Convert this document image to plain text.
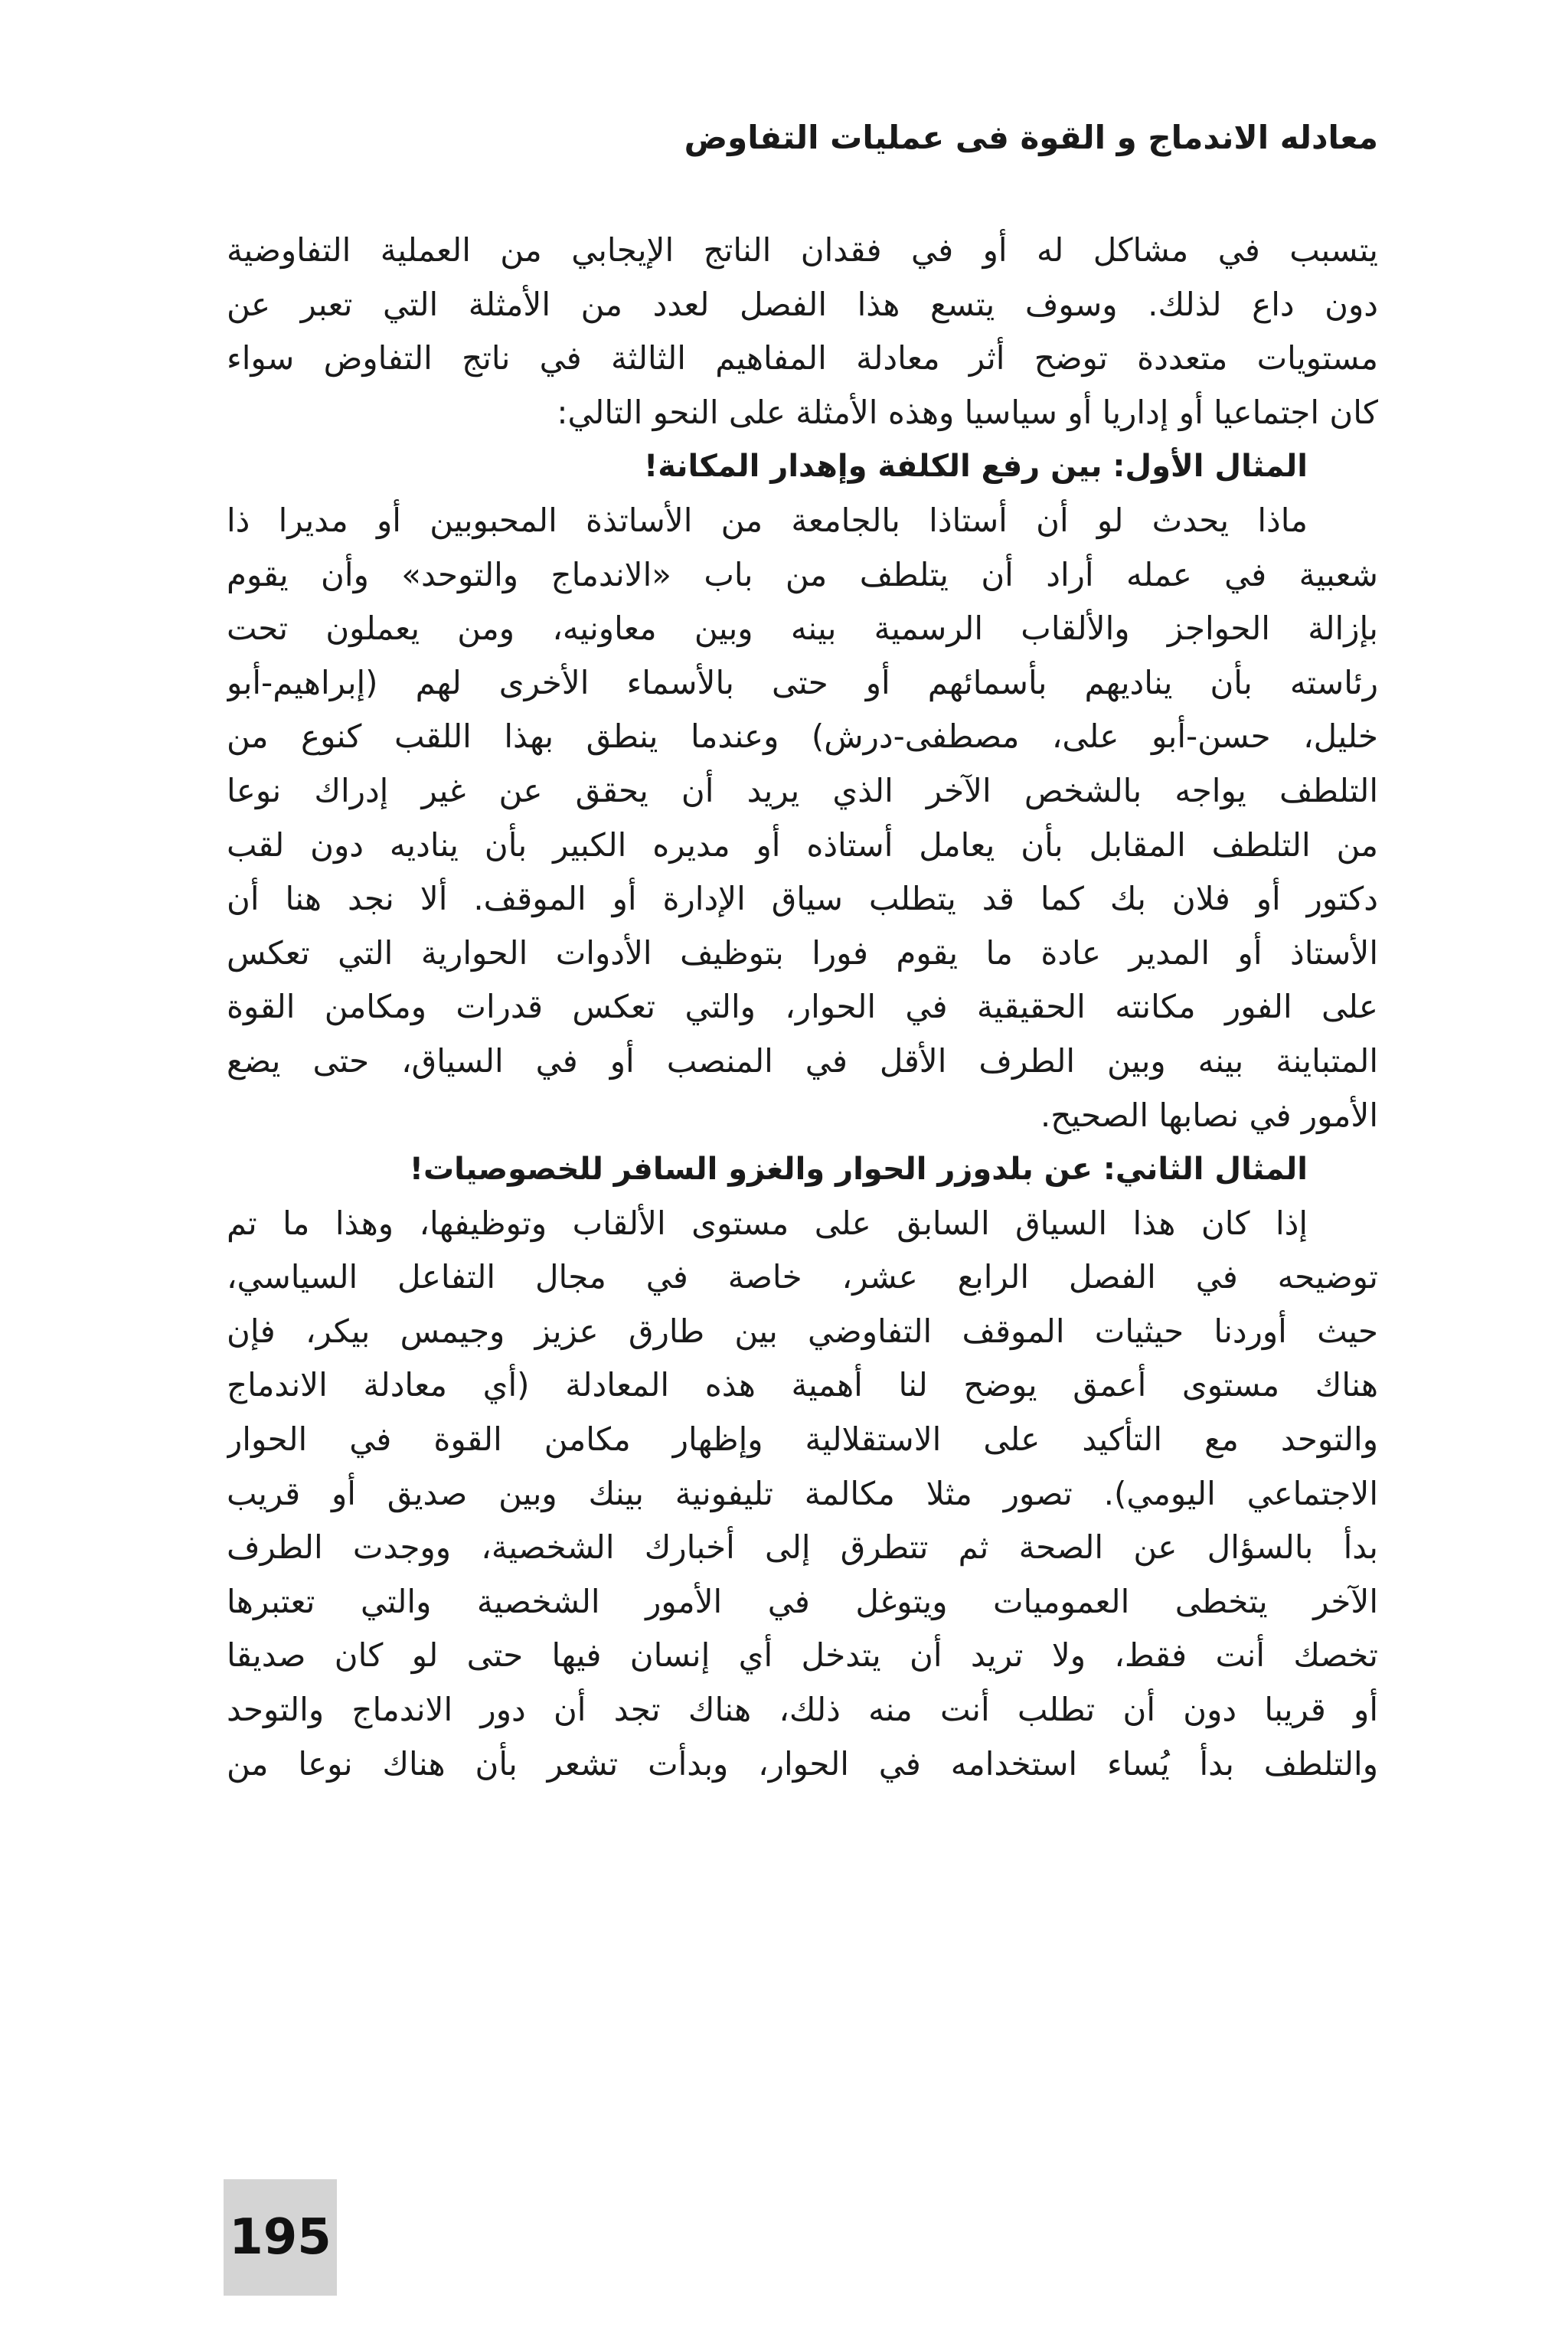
معادله الاندماج و القوة فى عمليات التفاوض
يتسبب في مشاكل له أو في فقدان الناتج الإيجابي من العملية التفاوضية
دون داع لذلك. وسوف يتسع هذا الفصل لعدد من الأمثلة التي تعبر عن
مستويات متعددة توضح أثر معادلة المفاهيم الثالثة في ناتج التفاوض سواء
كان اجتماعيا أو إداريا أو سياسيا وهذه الأمثلة على النحو التالي:
المثال الأول: بين رفع الكلفة وإهدار المكانة!
ماذا يحدث لو أن أستاذا بالجامعة من الأساتذة المحبوبين أو مديرا ذا
شعبية في عمله أراد أن يتلطف من باب «الاندماج والتوحد» وأن يقوم
بإزالة الحواجز والألقاب الرسمية بينه وبين معاونيه، ومن يعملون تحت
رئاسته بأن يناديهم بأسمائهم أو حتى بالأسماء الأخرى لهم (إبراهيم-أبو
خليل، حسن-أبو على، مصطفى-درش) وعندما ينطق بهذا اللقب كنوع من
التلطف يواجه بالشخص الآخر الذي يريد أن يحقق عن غير إدراك نوعا
من التلطف المقابل بأن يعامل أستاذه أو مديره الكبير بأن يناديه دون لقب
دكتور أو فلان بك كما قد يتطلب سياق الإدارة أو الموقف. ألا نجد هنا أن
الأستاذ أو المدير عادة ما يقوم فورا بتوظيف الأدوات الحوارية التي تعكس
على الفور مكانته الحقيقية في الحوار، والتي تعكس قدرات ومكامن القوة
المتباينة بينه وبين الطرف الأقل في المنصب أو في السياق، حتى يضع
الأمور في نصابها الصحيح.
المثال الثاني: عن بلدوزر الحوار والغزو السافر للخصوصيات!
إذا كان هذا السياق السابق على مستوى الألقاب وتوظيفها، وهذا ما تم
توضيحه في الفصل الرابع عشر، خاصة في مجال التفاعل السياسي،
حيث أوردنا حيثيات الموقف التفاوضي بين طارق عزيز وجيمس بيكر، فإن
هناك مستوى أعمق يوضح لنا أهمية هذه المعادلة (أي معادلة الاندماج
والتوحد مع التأكيد على الاستقلالية وإظهار مكامن القوة في الحوار
الاجتماعي اليومي). تصور مثلا مكالمة تليفونية بينك وبين صديق أو قريب
بدأ بالسؤال عن الصحة ثم تتطرق إلى أخبارك الشخصية، ووجدت الطرف
الآخر يتخطى العموميات ويتوغل في الأمور الشخصية والتي تعتبرها
تخصك أنت فقط، ولا تريد أن يتدخل أي إنسان فيها حتى لو كان صديقا
أو قريبا دون أن تطلب أنت منه ذلك، هناك تجد أن دور الاندماج والتوحد
والتلطف بدأ يُساء استخدامه في الحوار، وبدأت تشعر بأن هناك نوعا من
195
